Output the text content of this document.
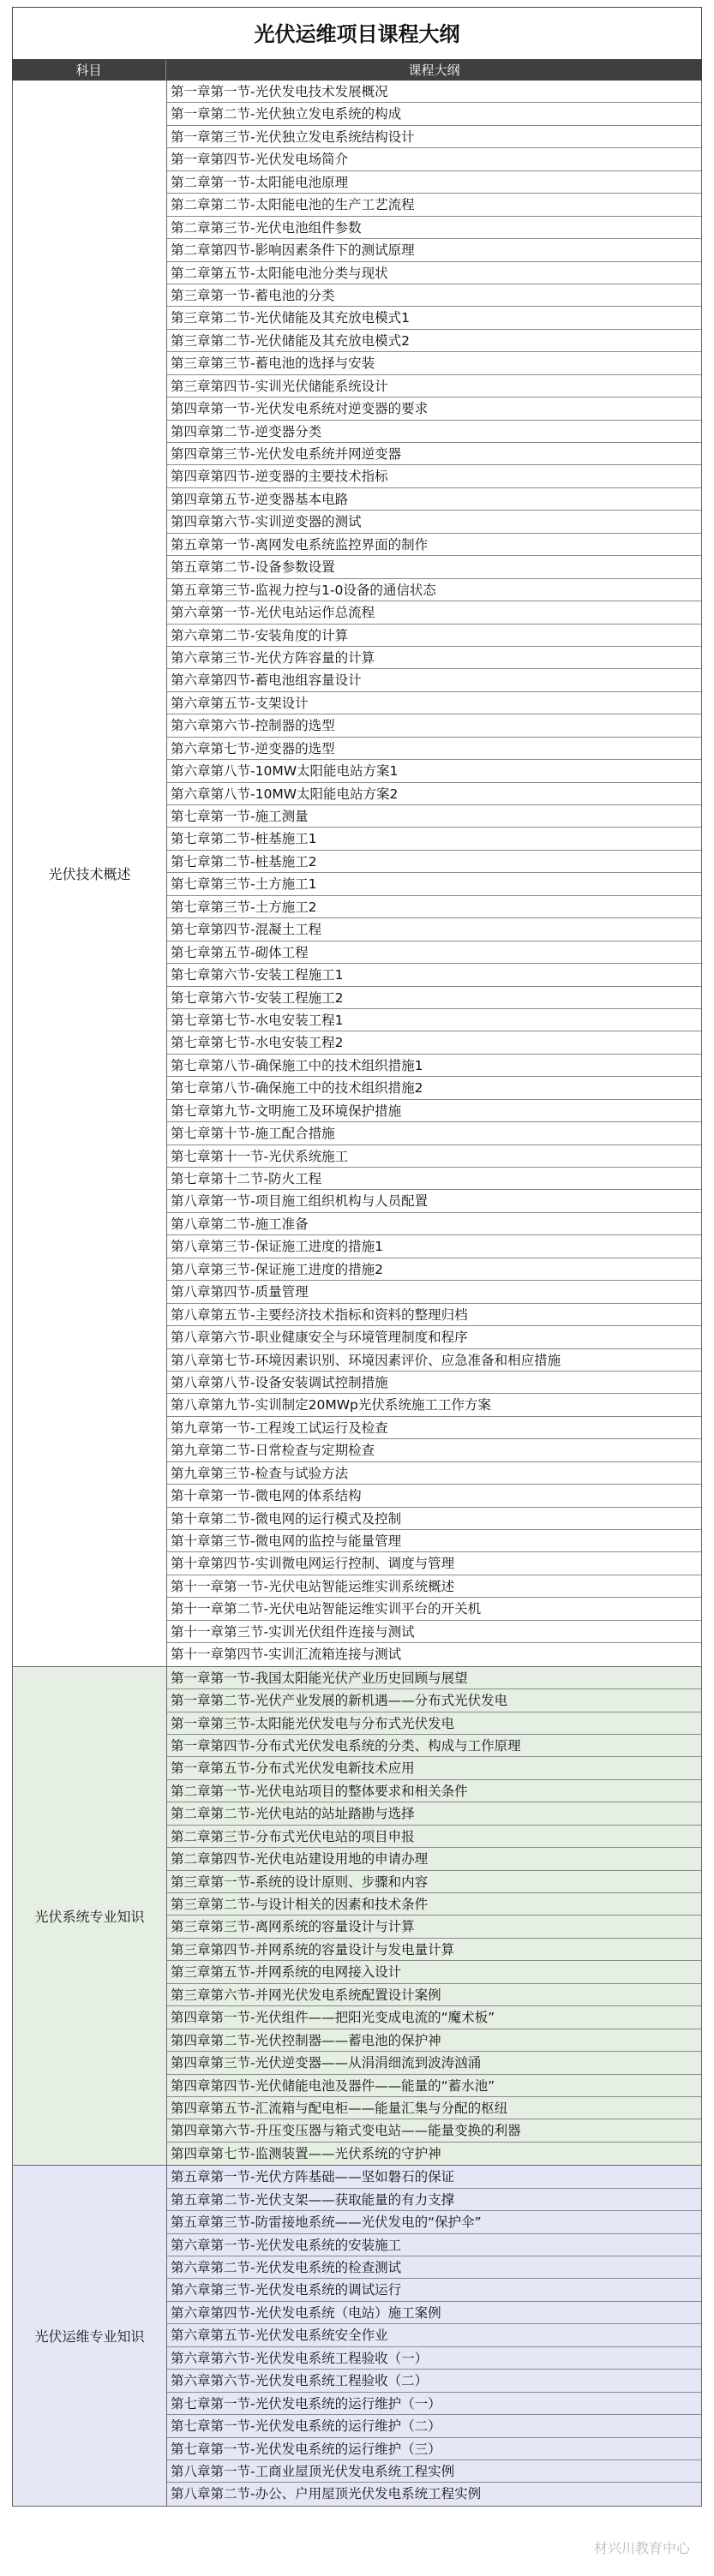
光伏运维项目课程大纲
科目	课程大纲
光伏技术概述
第一章第一节-光伏发电技术发展概况
第一章第二节-光伏独立发电系统的构成
第一章第三节-光伏独立发电系统结构设计
第一章第四节-光伏发电场简介
第二章第一节-太阳能电池原理
第二章第二节-太阳能电池的生产工艺流程
第二章第三节-光伏电池组件参数
第二章第四节-影响因素条件下的测试原理
第二章第五节-太阳能电池分类与现状
第三章第一节-蓄电池的分类
第三章第二节-光伏储能及其充放电模式1
第三章第二节-光伏储能及其充放电模式2
第三章第三节-蓄电池的选择与安装
第三章第四节-实训光伏储能系统设计
第四章第一节-光伏发电系统对逆变器的要求
第四章第二节-逆变器分类
第四章第三节-光伏发电系统并网逆变器
第四章第四节-逆变器的主要技术指标
第四章第五节-逆变器基本电路
第四章第六节-实训逆变器的测试
第五章第一节-离网发电系统监控界面的制作
第五章第二节-设备参数设置
第五章第三节-监视力控与1-0设备的通信状态
第六章第一节-光伏电站运作总流程
第六章第二节-安装角度的计算
第六章第三节-光伏方阵容量的计算
第六章第四节-蓄电池组容量设计
第六章第五节-支架设计
第六章第六节-控制器的选型
第六章第七节-逆变器的选型
第六章第八节-10MW太阳能电站方案1
第六章第八节-10MW太阳能电站方案2
第七章第一节-施工测量
第七章第二节-桩基施工1
第七章第二节-桩基施工2
第七章第三节-土方施工1
第七章第三节-土方施工2
第七章第四节-混凝土工程
第七章第五节-砌体工程
第七章第六节-安装工程施工1
第七章第六节-安装工程施工2
第七章第七节-水电安装工程1
第七章第七节-水电安装工程2
第七章第八节-确保施工中的技术组织措施1
第七章第八节-确保施工中的技术组织措施2
第七章第九节-文明施工及环境保护措施
第七章第十节-施工配合措施
第七章第十一节-光伏系统施工
第七章第十二节-防火工程
第八章第一节-项目施工组织机构与人员配置
第八章第二节-施工准备
第八章第三节-保证施工进度的措施1
第八章第三节-保证施工进度的措施2
第八章第四节-质量管理
第八章第五节-主要经济技术指标和资料的整理归档
第八章第六节-职业健康安全与环境管理制度和程序
第八章第七节-环境因素识别、环境因素评价、应急准备和相应措施
第八章第八节-设备安装调试控制措施
第八章第九节-实训制定20MWp光伏系统施工工作方案
第九章第一节-工程竣工试运行及检查
第九章第二节-日常检查与定期检查
第九章第三节-检查与试验方法
第十章第一节-微电网的体系结构
第十章第二节-微电网的运行模式及控制
第十章第三节-微电网的监控与能量管理
第十章第四节-实训微电网运行控制、调度与管理
第十一章第一节-光伏电站智能运维实训系统概述
第十一章第二节-光伏电站智能运维实训平台的开关机
第十一章第三节-实训光伏组件连接与测试
第十一章第四节-实训汇流箱连接与测试
光伏系统专业知识
第一章第一节-我国太阳能光伏产业历史回顾与展望
第一章第二节-光伏产业发展的新机遇——分布式光伏发电
第一章第三节-太阳能光伏发电与分布式光伏发电
第一章第四节-分布式光伏发电系统的分类、构成与工作原理
第一章第五节-分布式光伏发电新技术应用
第二章第一节-光伏电站项目的整体要求和相关条件
第二章第二节-光伏电站的站址踏勘与选择
第二章第三节-分布式光伏电站的项目申报
第二章第四节-光伏电站建设用地的申请办理
第三章第一节-系统的设计原则、步骤和内容
第三章第二节-与设计相关的因素和技术条件
第三章第三节-离网系统的容量设计与计算
第三章第四节-并网系统的容量设计与发电量计算
第三章第五节-并网系统的电网接入设计
第三章第六节-并网光伏发电系统配置设计案例
第四章第一节-光伏组件——把阳光变成电流的“魔术板”
第四章第二节-光伏控制器——蓄电池的保护神
第四章第三节-光伏逆变器——从涓涓细流到波涛汹涌
第四章第四节-光伏储能电池及器件——能量的“蓄水池”
第四章第五节-汇流箱与配电柜——能量汇集与分配的枢纽
第四章第六节-升压变压器与箱式变电站——能量变换的利器
第四章第七节-监测装置——光伏系统的守护神
光伏运维专业知识
第五章第一节-光伏方阵基础——坚如磐石的保证
第五章第二节-光伏支架——获取能量的有力支撑
第五章第三节-防雷接地系统——光伏发电的“保护伞”
第六章第一节-光伏发电系统的安装施工
第六章第二节-光伏发电系统的检查测试
第六章第三节-光伏发电系统的调试运行
第六章第四节-光伏发电系统（电站）施工案例
第六章第五节-光伏发电系统安全作业
第六章第六节-光伏发电系统工程验收（一）
第六章第六节-光伏发电系统工程验收（二）
第七章第一节-光伏发电系统的运行维护（一）
第七章第一节-光伏发电系统的运行维护（二）
第七章第一节-光伏发电系统的运行维护（三）
第八章第一节-工商业屋顶光伏发电系统工程实例
第八章第二节-办公、户用屋顶光伏发电系统工程实例
材兴川教育中心
